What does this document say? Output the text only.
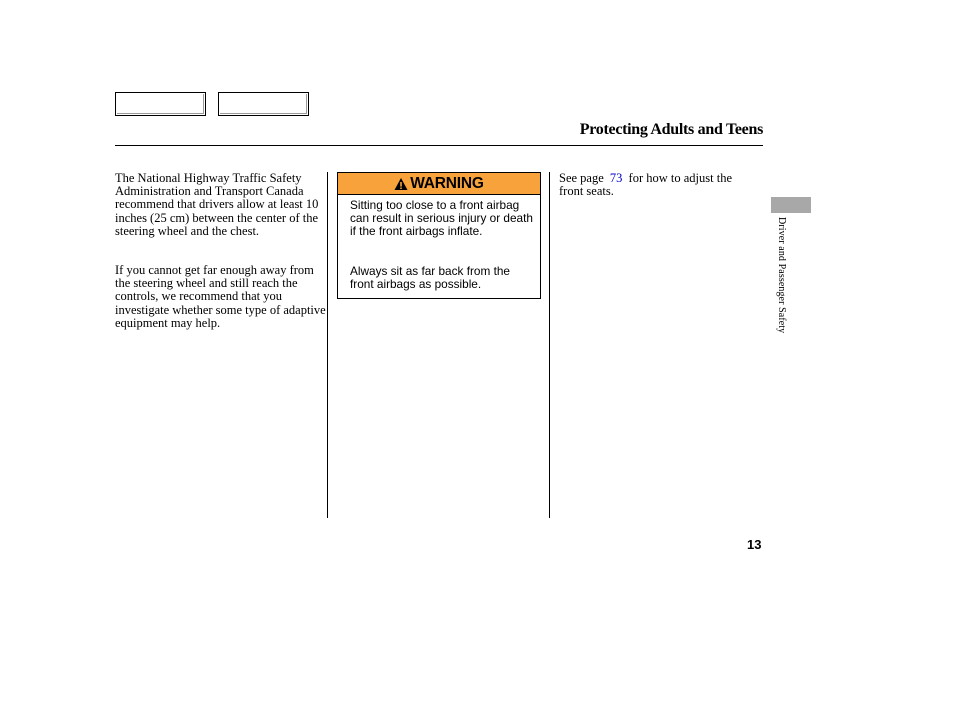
Protecting Adults and Teens

The National Highway Traffic Safety Administration and Transport Canada recommend that drivers allow at least 10 inches (25 cm) between the center of the steering wheel and the chest.

If you cannot get far enough away from the steering wheel and still reach the controls, we recommend that you investigate whether some type of adaptive equipment may help.

WARNING

Sitting too close to a front airbag can result in serious injury or death if the front airbags inflate.

Always sit as far back from the front airbags as possible.

See page 73 for how to adjust the front seats.

Driver and Passenger Safety
13
